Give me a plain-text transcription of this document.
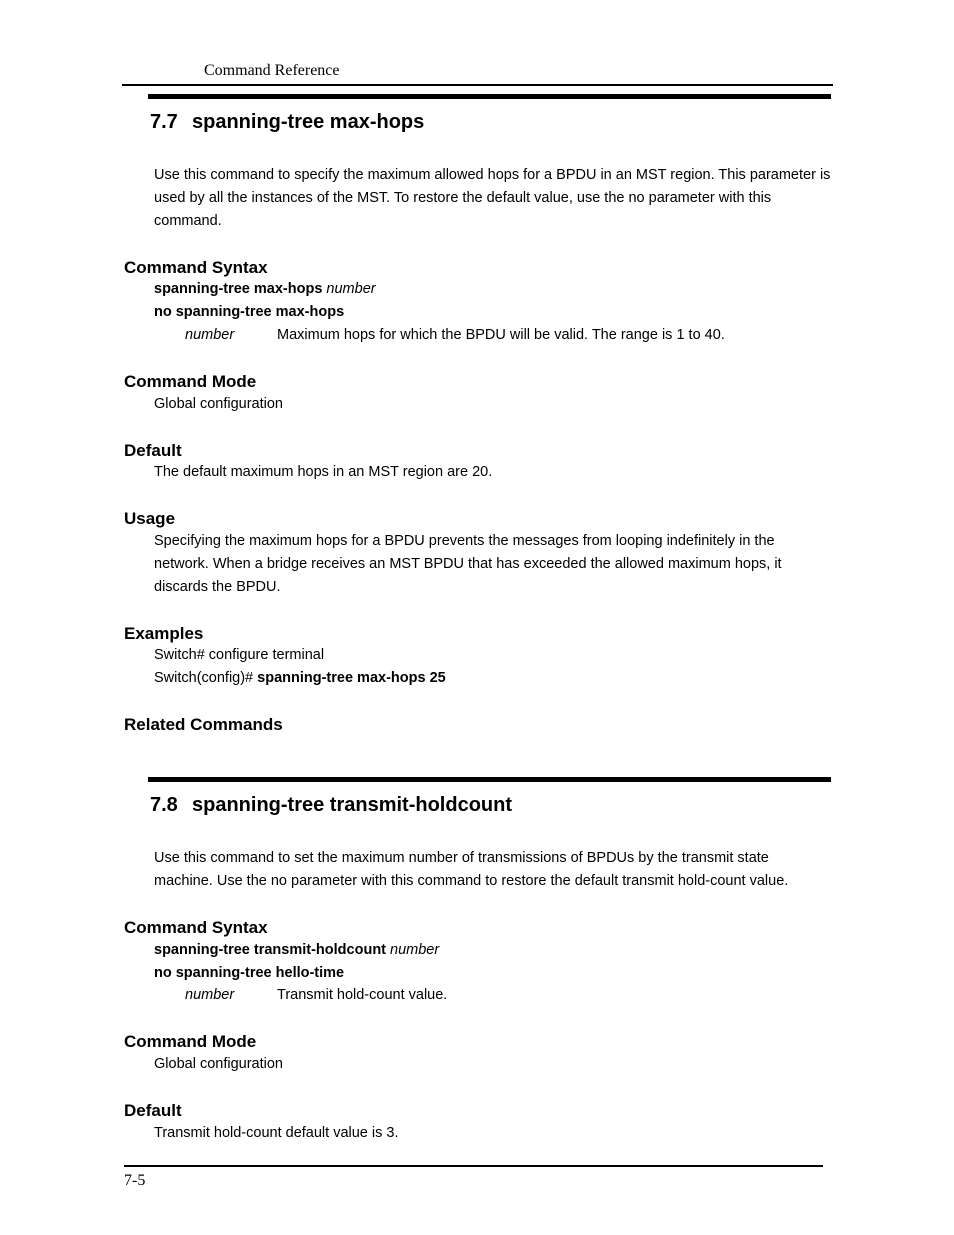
Command Reference
7.7 spanning-tree max-hops
Use this command to specify the maximum allowed hops for a BPDU in an MST region. This parameter is used by all the instances of the MST. To restore the default value, use the no parameter with this command.
Command Syntax
spanning-tree max-hops number
no spanning-tree max-hops
number	Maximum hops for which the BPDU will be valid. The range is 1 to 40.
Command Mode
Global configuration
Default
The default maximum hops in an MST region are 20.
Usage
Specifying the maximum hops for a BPDU prevents the messages from looping indefinitely in the network. When a bridge receives an MST BPDU that has exceeded the allowed maximum hops, it discards the BPDU.
Examples
Switch# configure terminal
Switch(config)# spanning-tree max-hops 25
Related Commands
7.8 spanning-tree transmit-holdcount
Use this command to set the maximum number of transmissions of BPDUs by the transmit state machine. Use the no parameter with this command to restore the default transmit hold-count value.
Command Syntax
spanning-tree transmit-holdcount number
no spanning-tree hello-time
number	Transmit hold-count value.
Command Mode
Global configuration
Default
Transmit hold-count default value is 3.
7-5
